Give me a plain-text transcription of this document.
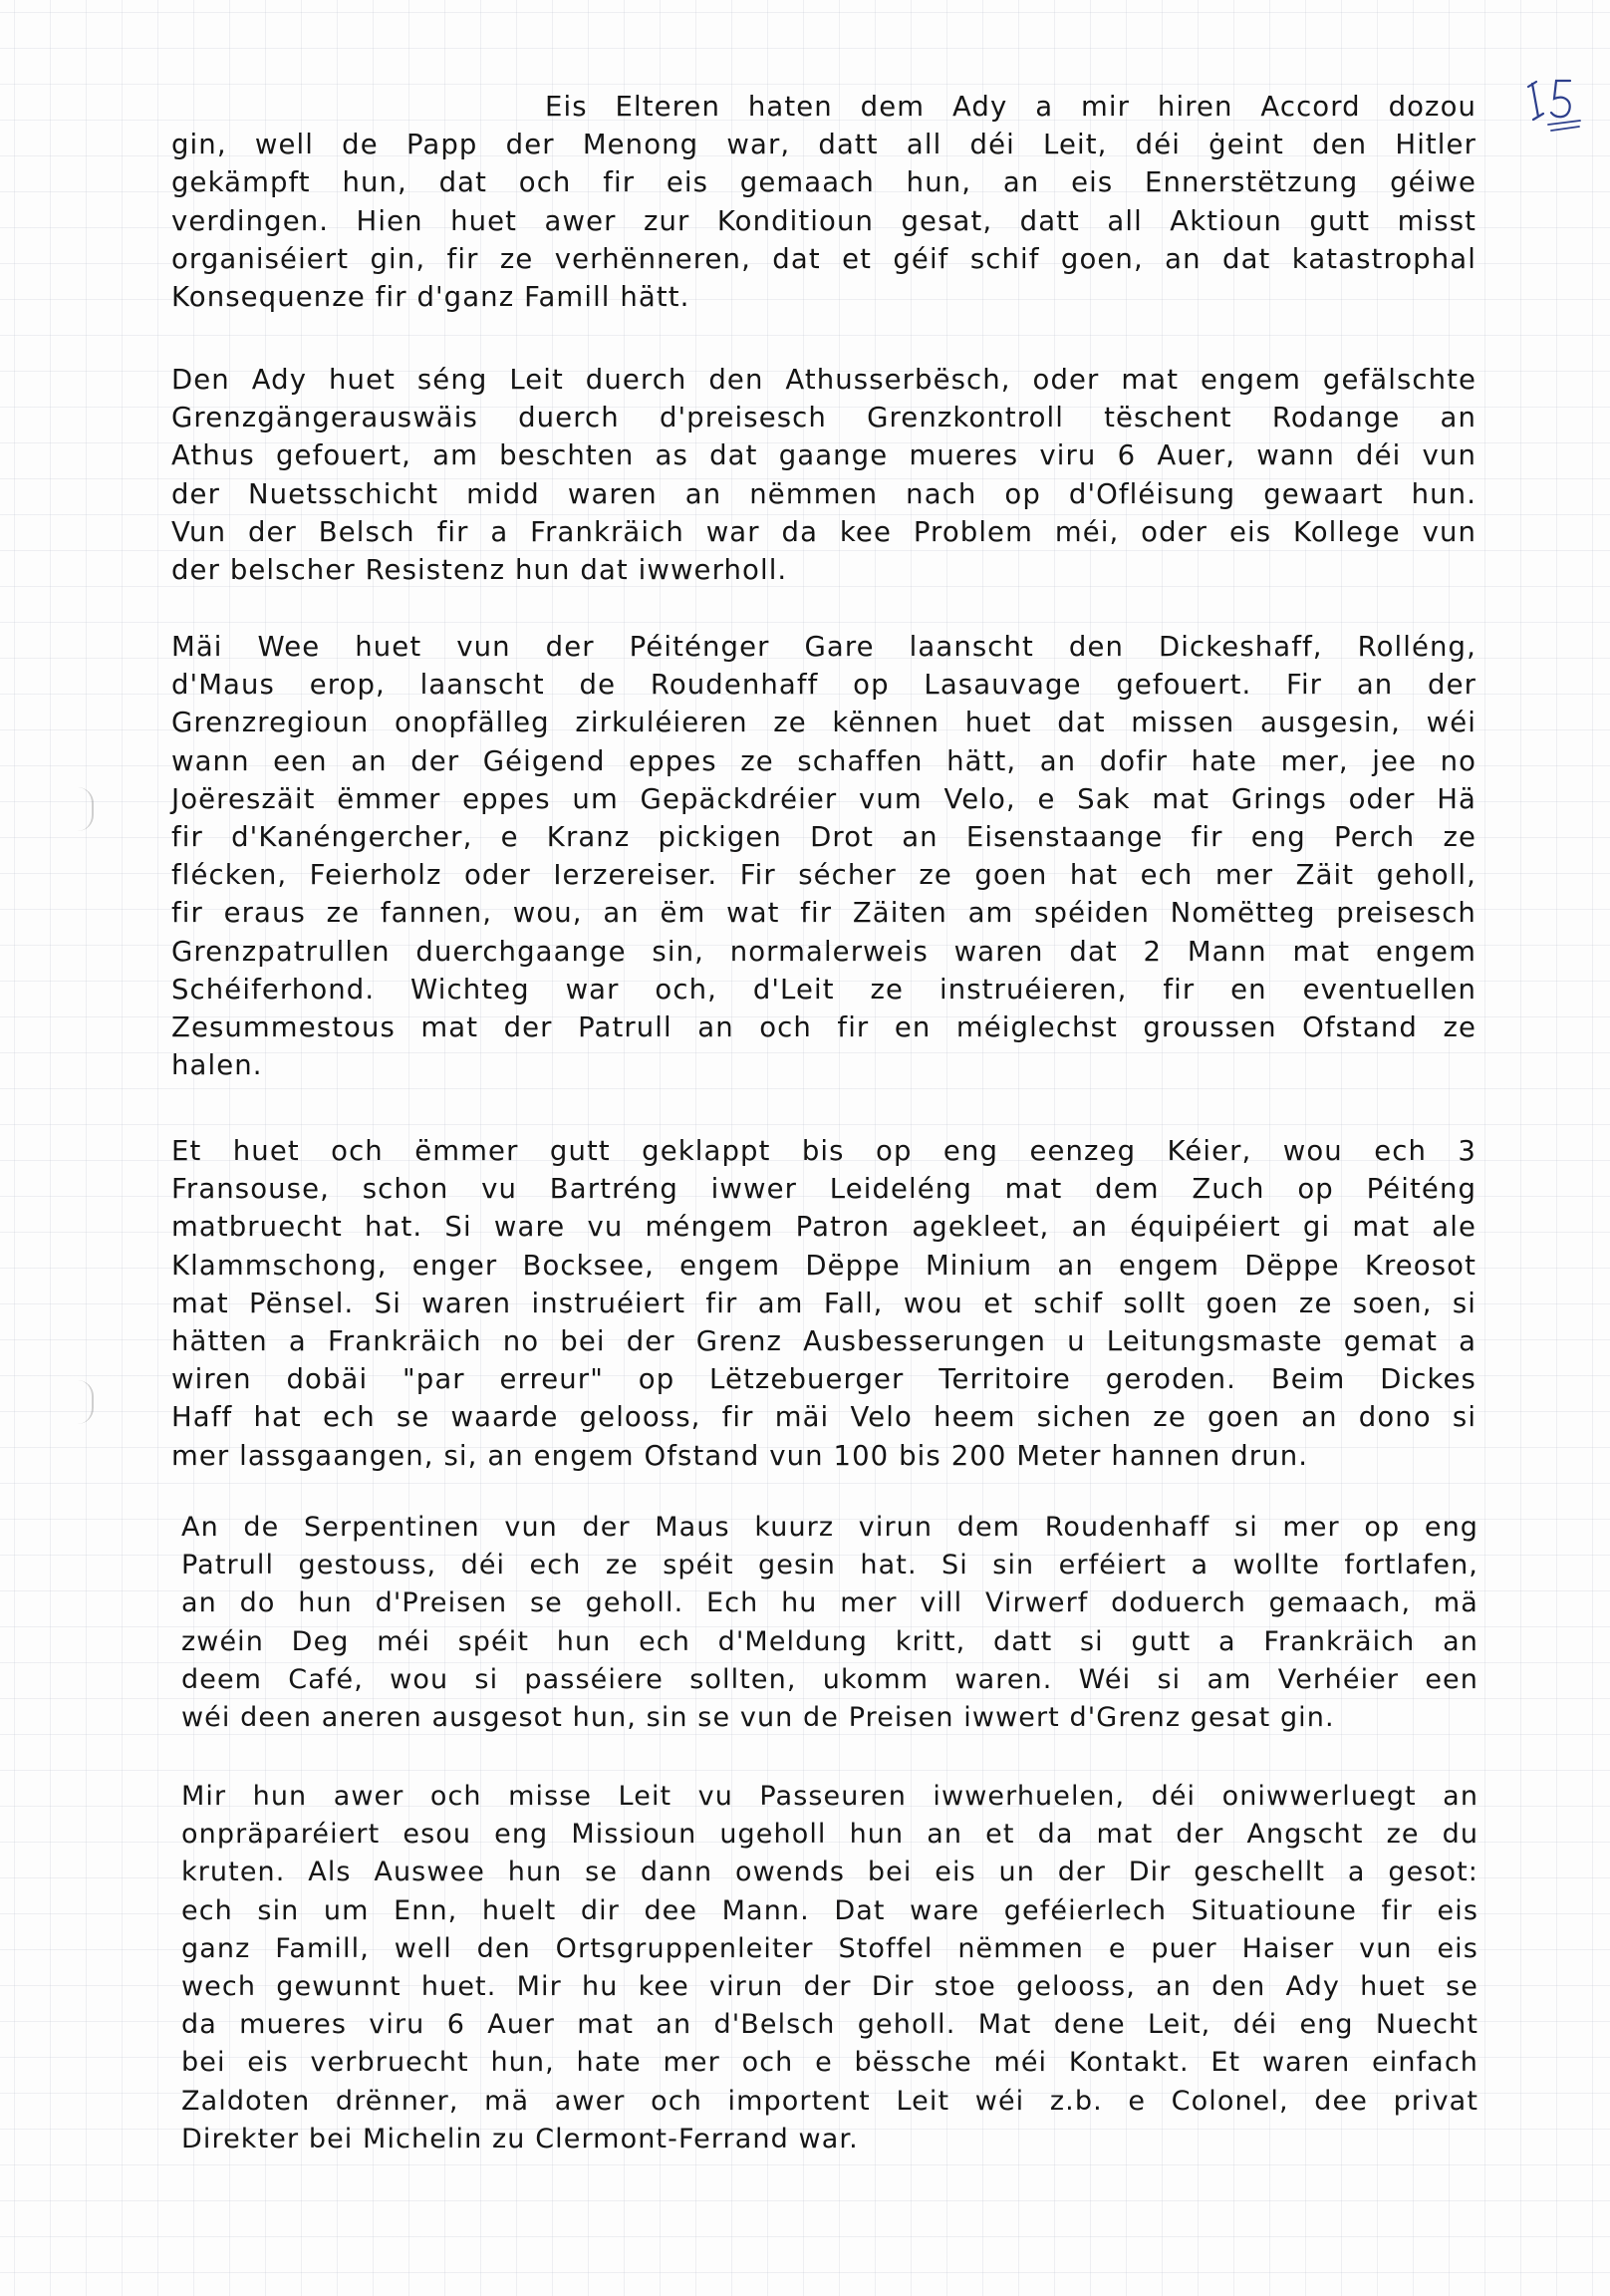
Eis Elteren haten dem Ady a mir hiren Accord dozou
gin, well de Papp der Menong war, datt all déi Leit, déi ġeint den Hitler
gekämpft hun, dat och fir eis gemaach hun, an eis Ennerstëtzung géiwe
verdingen. Hien huet awer zur Konditioun gesat, datt all Aktioun gutt misst
organiséiert gin, fir ze verhënneren, dat et géif schif goen, an dat katastrophal
Konsequenze fir d'ganz Famill hätt.
Den Ady huet séng Leit duerch den Athusserbësch, oder mat engem gefälschte
Grenzgängerauswäis duerch d'preisesch Grenzkontroll tëschent Rodange an
Athus gefouert, am beschten as dat gaange mueres viru 6 Auer, wann déi vun
der Nuetsschicht midd waren an nëmmen nach op d'Ofléisung gewaart hun.
Vun der Belsch fir a Frankräich war da kee Problem méi, oder eis Kollege vun
der belscher Resistenz hun dat iwwerholl.
Mäi Wee huet vun der Péiténger Gare laanscht den Dickeshaff, Rolléng,
d'Maus erop, laanscht de Roudenhaff op Lasauvage gefouert. Fir an der
Grenzregioun onopfälleg zirkuléieren ze kënnen huet dat missen ausgesin, wéi
wann een an der Géigend eppes ze schaffen hätt, an dofir hate mer, jee no
Joëreszäit ëmmer eppes um Gepäckdréier vum Velo, e Sak mat Grings oder Hä
fir d'Kanéngercher, e Kranz pickigen Drot an Eisenstaange fir eng Perch ze
flécken, Feierholz oder Ierzereiser. Fir sécher ze goen hat ech mer Zäit geholl,
fir eraus ze fannen, wou, an ëm wat fir Zäiten am spéiden Nomëtteg preisesch
Grenzpatrullen duerchgaange sin, normalerweis waren dat 2 Mann mat engem
Schéiferhond. Wichteg war och, d'Leit ze instruéieren, fir en eventuellen
Zesummestous mat der Patrull an och fir en méiglechst groussen Ofstand ze
halen.
Et huet och ëmmer gutt geklappt bis op eng eenzeg Kéier, wou ech 3
Fransouse, schon vu Bartréng iwwer Leideléng mat dem Zuch op Péiténg
matbruecht hat. Si ware vu méngem Patron agekleet, an équipéiert gi mat ale
Klammschong, enger Bocksee, engem Dëppe Minium an engem Dëppe Kreosot
mat Pënsel. Si waren instruéiert fir am Fall, wou et schif sollt goen ze soen, si
hätten a Frankräich no bei der Grenz Ausbesserungen u Leitungsmaste gemat a
wiren dobäi "par erreur" op Lëtzebuerger Territoire geroden. Beim Dickes
Haff hat ech se waarde gelooss, fir mäi Velo heem sichen ze goen an dono si
mer lassgaangen, si, an engem Ofstand vun 100 bis 200 Meter hannen drun.
An de Serpentinen vun der Maus kuurz virun dem Roudenhaff si mer op eng
Patrull gestouss, déi ech ze spéit gesin hat. Si sin erféiert a wollte fortlafen,
an do hun d'Preisen se geholl. Ech hu mer vill Virwerf doduerch gemaach, mä
zwéin Deg méi spéit hun ech d'Meldung kritt, datt si gutt a Frankräich an
deem Café, wou si passéiere sollten, ukomm waren. Wéi si am Verhéier een
wéi deen aneren ausgesot hun, sin se vun de Preisen iwwert d'Grenz gesat gin.
Mir hun awer och misse Leit vu Passeuren iwwerhuelen, déi oniwwerluegt an
onpräparéiert esou eng Missioun ugeholl hun an et da mat der Angscht ze du
kruten. Als Auswee hun se dann owends bei eis un der Dir geschellt a gesot:
ech sin um Enn, huelt dir dee Mann. Dat ware geféierlech Situatioune fir eis
ganz Famill, well den Ortsgruppenleiter Stoffel nëmmen e puer Haiser vun eis
wech gewunnt huet. Mir hu kee virun der Dir stoe gelooss, an den Ady huet se
da mueres viru 6 Auer mat an d'Belsch geholl. Mat dene Leit, déi eng Nuecht
bei eis verbruecht hun, hate mer och e bëssche méi Kontakt. Et waren einfach
Zaldoten drënner, mä awer och importent Leit wéi z.b. e Colonel, dee privat
Direkter bei Michelin zu Clermont-Ferrand war.
